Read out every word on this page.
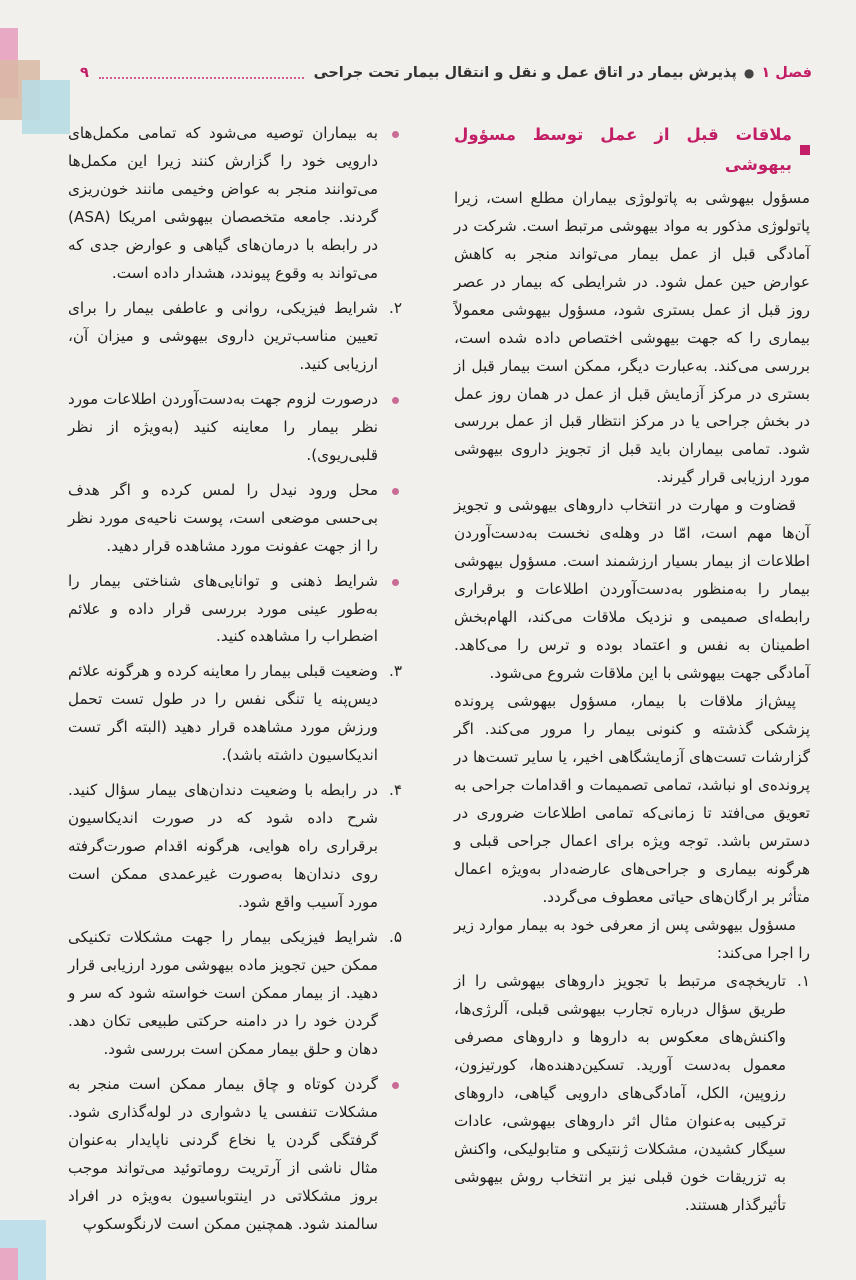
فصل ۱
●
پذیرش بیمار در اتاق عمل و نقل و انتقال بیمار تحت جراحی
۹
ملاقات قبل از عمل توسط مسؤول بیهوشی

مسؤول بیهوشی به پاتولوژی بیماران مطلع است، زیرا پاتولوژی مذکور به مواد بیهوشی مرتبط است. شرکت در آمادگی قبل از عمل بیمار می‌تواند منجر به کاهش عوارض حین عمل شود. در شرایطی که بیمار در عصر روز قبل از عمل بستری شود، مسؤول بیهوشی معمولاً بیماری را که جهت بیهوشی اختصاص داده شده است، بررسی می‌کند. به‌عبارت دیگر، ممکن است بیمار قبل از بستری در مرکز آزمایش قبل از عمل در همان روز عمل در بخش جراحی یا در مرکز انتظار قبل از عمل بررسی شود. تمامی بیماران باید قبل از تجویز داروی بیهوشی مورد ارزیابی قرار گیرند.

قضاوت و مهارت در انتخاب داروهای بیهوشی و تجویز آن‌ها مهم است، امّا در وهله‌ی نخست به‌دست‌آوردن اطلاعات از بیمار بسیار ارزشمند است. مسؤول بیهوشی بیمار را به‌منظور به‌دست‌آوردن اطلاعات و برقراری رابطه‌ای صمیمی و نزدیک ملاقات می‌کند، الهام‌بخش اطمینان به نفس و اعتماد بوده و ترس را می‌کاهد. آمادگی جهت بیهوشی با این ملاقات شروع می‌شود.

پیش‌از ملاقات با بیمار، مسؤول بیهوشی پرونده پزشکی گذشته و کنونی بیمار را مرور می‌کند. اگر گزارشات تست‌های آزمایشگاهی اخیر، یا سایر تست‌ها در پرونده‌ی او نباشد، تمامی تصمیمات و اقدامات جراحی به تعویق می‌افتد تا زمانی‌که تمامی اطلاعات ضروری در دسترس باشد. توجه ویژه برای اعمال جراحی قبلی و هرگونه بیماری و جراحی‌های عارضه‌دار به‌ویژه اعمال متأثر بر ارگان‌های حیاتی معطوف می‌گردد.

مسؤول بیهوشی پس از معرفی خود به بیمار موارد زیر را اجرا می‌کند:

۱.

تاریخچه‌ی مرتبط با تجویز داروهای بیهوشی را از طریق سؤال درباره تجارب بیهوشی قبلی، آلرژی‌ها، واکنش‌های معکوس به داروها و داروهای مصرفی معمول به‌دست آورید. تسکین‌دهنده‌ها، کورتیزون، رزوپین، الکل، آمادگی‌های دارویی گیاهی، داروهای ترکیبی به‌عنوان مثال اثر داروهای بیهوشی، عادات سیگار کشیدن، مشکلات ژنتیکی و متابولیکی، واکنش به تزریقات خون قبلی نیز بر انتخاب روش بیهوشی تأثیرگذار هستند.

به بیماران توصیه می‌شود که تمامی مکمل‌های دارویی خود را گزارش کنند زیرا این مکمل‌ها می‌توانند منجر به عواض وخیمی مانند خون‌ریزی گردند. جامعه متخصصان بیهوشی امریکا (ASA) در رابطه با درمان‌های گیاهی و عوارض جدی که می‌تواند به وقوع پیوندد، هشدار داده است.

۲.

شرایط فیزیکی، روانی و عاطفی بیمار را برای تعیین مناسب‌ترین داروی بیهوشی و میزان آن، ارزیابی کنید.

درصورت لزوم جهت به‌دست‌آوردن اطلاعات مورد نظر بیمار را معاینه کنید (به‌ویژه از نظر قلبی‌ریوی).

محل ورود نیدل را لمس کرده و اگر هدف بی‌حسی موضعی است، پوست ناحیه‌ی مورد نظر را از جهت عفونت مورد مشاهده قرار دهید.

شرایط ذهنی و توانایی‌های شناختی بیمار را به‌طور عینی مورد بررسی قرار داده و علائم اضطراب را مشاهده کنید.

۳.

وضعیت قبلی بیمار را معاینه کرده و هرگونه علائم دیس‌پنه یا تنگی نفس را در طول تست تحمل ورزش مورد مشاهده قرار دهید (البته اگر تست اندیکاسیون داشته باشد).

۴.

در رابطه با وضعیت دندان‌های بیمار سؤال کنید. شرح داده شود که در صورت اندیکاسیون برقراری راه هوایی، هرگونه اقدام صورت‌گرفته روی دندان‌ها به‌صورت غیرعمدی ممکن است مورد آسیب واقع شود.

۵.

شرایط فیزیکی بیمار را جهت مشکلات تکنیکی ممکن حین تجویز ماده بیهوشی مورد ارزیابی قرار دهید. از بیمار ممکن است خواسته شود که سر و گردن خود را در دامنه حرکتی طبیعی تکان دهد. دهان و حلق بیمار ممکن است بررسی شود.

گردن کوتاه و چاق بیمار ممکن است منجر به مشکلات تنفسی یا دشواری در لوله‌گذاری شود. گرفتگی گردن یا نخاع گردنی ناپایدار به‌عنوان مثال ناشی از آرتریت روماتوئید می‌تواند موجب بروز مشکلاتی در اینتوباسیون به‌ویژه در افراد سالمند شود. همچنین ممکن است لارنگوسکوپ
